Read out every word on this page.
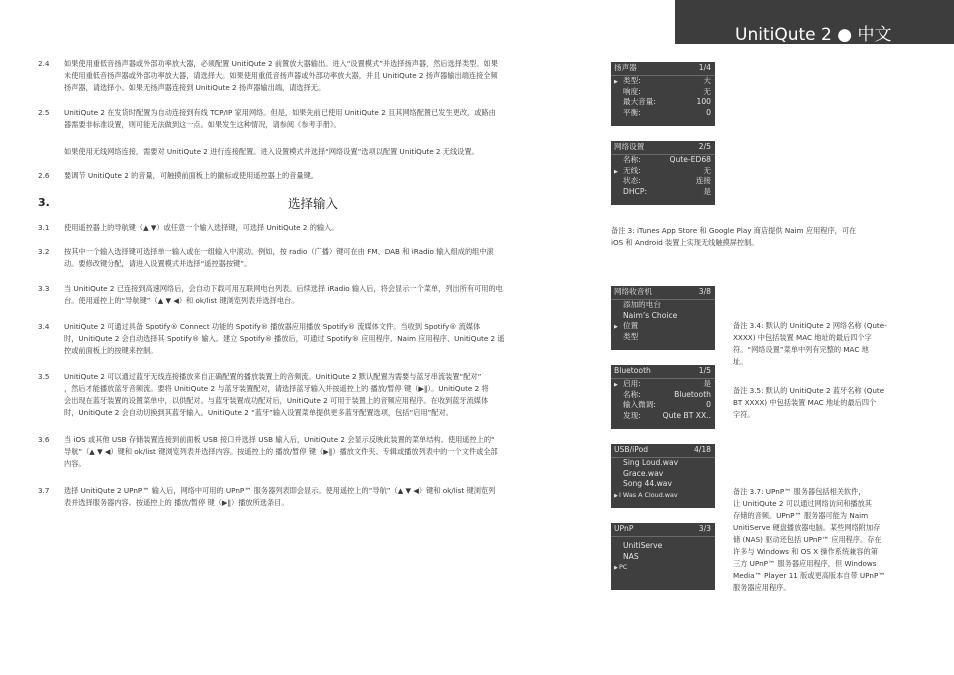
UnitiQute 2 ● 中文
2.4 如果使用重低音扬声器或外部功率放大器，必须配置 UnitiQute 2 前置放大器输出。进入“设置模式”并选择扬声器，然后选择类型。如果
未使用重低音扬声器或外部功率放大器，请选择大。如果使用重低音扬声器或外部功率放大器，并且 UnitiQute 2 扬声器输出端连接全频
扬声器，请选择小。如果无扬声器连接到 UnitiQute 2 扬声器输出端，请选择无。
2.5 UnitiQute 2 在发货时配置为自动连接到有线 TCP/IP 家用网络。但是，如果先前已使用 UnitiQute 2 且其网络配置已发生更改，或路由
器需要非标准设置，则可能无法做到这一点。如果发生这种情况，请参阅《参考手册》。
如果使用无线网络连接，需要对 UnitiQute 2 进行连接配置。进入设置模式并选择“网络设置”选项以配置 UnitiQute 2 无线设置。
2.6 要调节 UnitiQute 2 的音量，可触摸前面板上的徽标或使用遥控器上的音量键。
3.	选择输入
3.1 使用遥控器上的导航键（▲ ▼）或任意一个输入选择键，可选择 UnitiQute 2 的输入。
3.2 按其中一个输入选择键可选择单一输入或在一组输入中滚动。例如，按 radio（广播）键可在由 FM、DAB 和 iRadio 输入组成的组中滚
动。要修改键分配，请进入设置模式并选择“遥控器按键”。
3.3 当 UnitiQute 2 已连接到高速网络后，会自动下载可用互联网电台列表。后续选择 iRadio 输入后，将会显示一个菜单，列出所有可用的电
台。使用遥控上的“导航键”（▲ ▼ ◀）和 ok/list 键浏览列表并选择电台。
3.4 UnitiQute 2 可通过具备 Spotify® Connect 功能的 Spotify® 播放器应用播放 Spotify® 流媒体文件。当收到 Spotify® 流媒体
时，UnitiQute 2 会自动选择其 Spotify® 输入。建立 Spotify® 播放后，可通过 Spotify® 应用程序、Naim 应用程序、UnitiQute 2 遥
控或前面板上的按键来控制。
3.5 UnitiQute 2 可以通过蓝牙无线连接播放来自正确配置的播放装置上的音频流。UnitiQute 2 默认配置为需要与蓝牙串流装置“配对”
，然后才能播放蓝牙音频流。要将 UnitiQute 2 与蓝牙装置配对，请选择蓝牙输入并按遥控上的 播放/暂停 键（▶‖）。UnitiQute 2 将
会出现在蓝牙装置的设置菜单中，以供配对。与蓝牙装置成功配对后，UnitiQute 2 可用于装置上的音频应用程序。在收到蓝牙流媒体
时，UnitiQute 2 会自动切换到其蓝牙输入。UnitiQute 2 “蓝牙”输入设置菜单提供更多蓝牙配置选项，包括“启用”配对。
3.6 当 iOS 或其他 USB 存储装置连接到前面板 USB 接口并选择 USB 输入后，UnitiQute 2 会显示反映此装置的菜单结构。使用遥控上的“
导航”（▲ ▼ ◀）键和 ok/list 键浏览列表并选择内容。按遥控上的 播放/暂停 键（▶‖）播放文件夹、专辑或播放列表中的一个文件或全部
内容。
3.7 选择 UnitiQute 2 UPnP™ 输入后，网络中可用的 UPnP™ 服务器列表即会显示。使用遥控上的“导航”（▲ ▼ ◀）键和 ok/list 键浏览列
表并选择服务器内容。按遥控上的 播放/暂停 键（▶‖）播放所选条目。
扬声器	1/4
▶ 类型:	大
响度:	无
最大音量:	100
平衡:	0
网络设置	2/5
名称:	Qute-ED68
▶ 无线:	无
状态:	连接
DHCP:	是
网络收音机	3/8
添加的电台
Naim’s Choice
▶ 位置
类型
Bluetooth	1/5
▶ 启用:	是
名称:	Bluetooth
输入微调:	0
发现:	Qute BT XX..
USB/iPod	4/18
Sing Loud.wav
Grace.wav
Song 44.wav
▶ I Was A Cloud.wav
UPnP	3/3
UnitiServe
NAS
▶ PC
备注 3: iTunes App Store 和 Google Play 商店提供 Naim 应用程序，可在
iOS 和 Android 装置上实现无线触摸屏控制。
备注 3.4: 默认的 UnitiQute 2 网络名称 (Qute-
XXXX) 中包括装置 MAC 地址的最后四个字
符。“网络设置”菜单中列有完整的 MAC 地
址。
备注 3.5: 默认的 UnitiQute 2 蓝牙名称 (Qute
BT XXXX) 中包括装置 MAC 地址的最后四个
字符。
备注 3.7: UPnP™ 服务器包括相关软件，
让 UnitiQute 2 可以通过网络访问和播放其
存储的音频。UPnP™ 服务器可能为 Naim
UnitiServe 硬盘播放器电脑。某些网络附加存
储 (NAS) 驱动还包括 UPnP™ 应用程序。存在
许多与 Windows 和 OS X 操作系统兼容的第
三方 UPnP™ 服务器应用程序，但 Windows
Media™ Player 11 版或更高版本自带 UPnP™
服务器应用程序。
